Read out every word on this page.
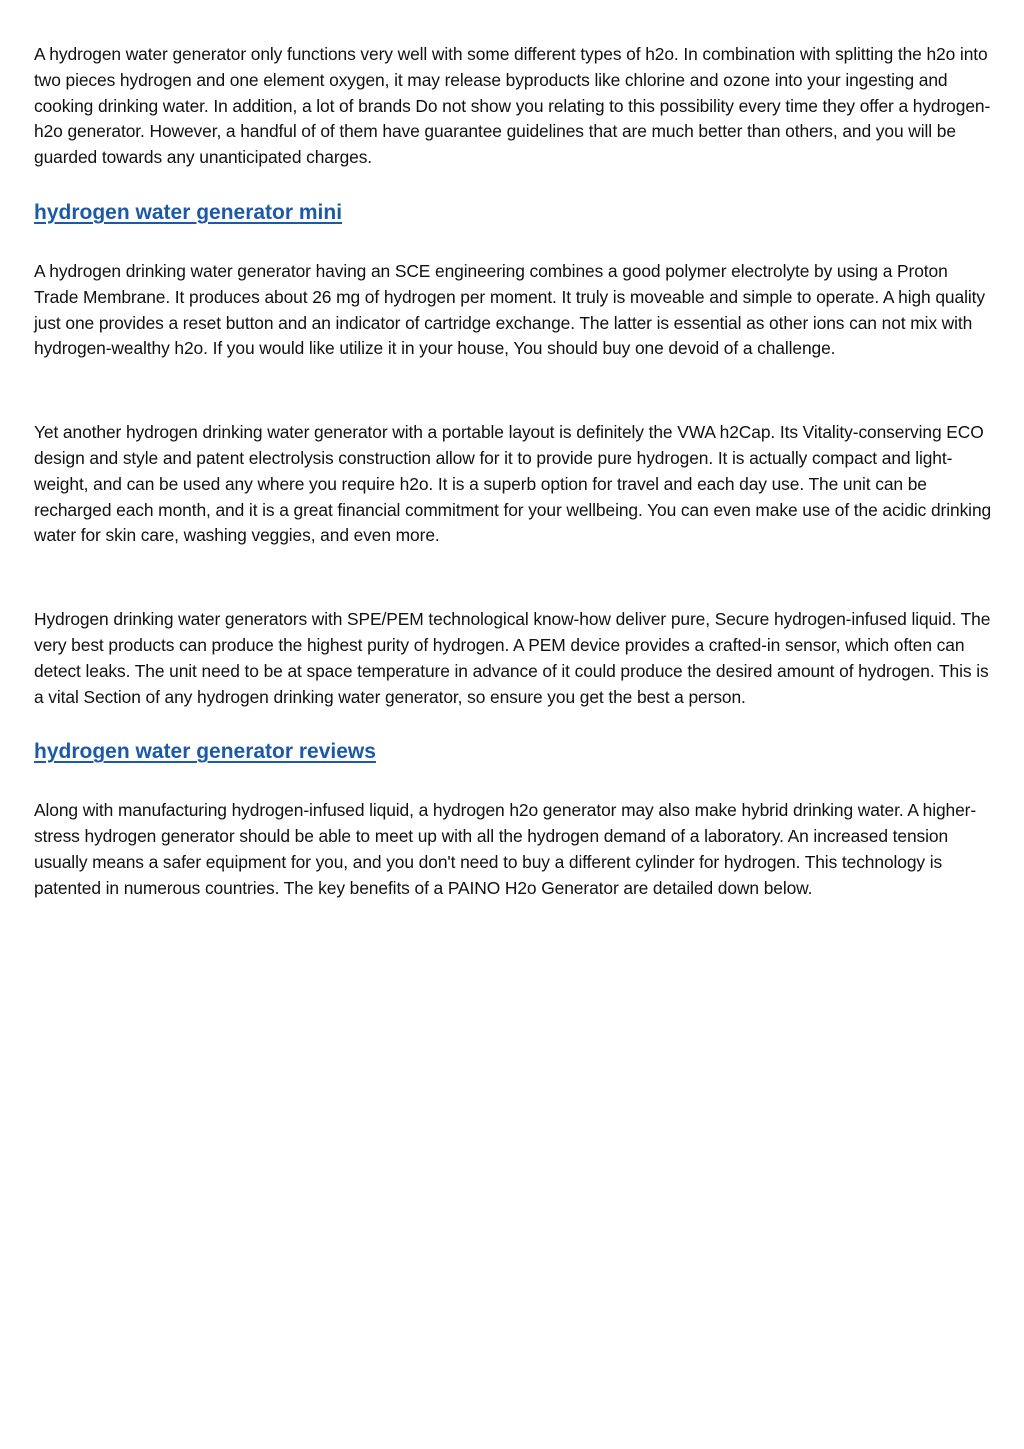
A hydrogen water generator only functions very well with some different types of h2o. In combination with splitting the h2o into two pieces hydrogen and one element oxygen, it may release byproducts like chlorine and ozone into your ingesting and cooking drinking water. In addition, a lot of brands Do not show you relating to this possibility every time they offer a hydrogen-h2o generator. However, a handful of of them have guarantee guidelines that are much better than others, and you will be guarded towards any unanticipated charges.

hydrogen water generator mini

A hydrogen drinking water generator having an SCE engineering combines a good polymer electrolyte by using a Proton Trade Membrane. It produces about 26 mg of hydrogen per moment. It truly is moveable and simple to operate. A high quality just one provides a reset button and an indicator of cartridge exchange. The latter is essential as other ions can not mix with hydrogen-wealthy h2o. If you would like utilize it in your house, You should buy one devoid of a challenge.

Yet another hydrogen drinking water generator with a portable layout is definitely the VWA h2Cap. Its Vitality-conserving ECO design and style and patent electrolysis construction allow for it to provide pure hydrogen. It is actually compact and light-weight, and can be used any where you require h2o. It is a superb option for travel and each day use. The unit can be recharged each month, and it is a great financial commitment for your wellbeing. You can even make use of the acidic drinking water for skin care, washing veggies, and even more.

Hydrogen drinking water generators with SPE/PEM technological know-how deliver pure, Secure hydrogen-infused liquid. The very best products can produce the highest purity of hydrogen. A PEM device provides a crafted-in sensor, which often can detect leaks. The unit need to be at space temperature in advance of it could produce the desired amount of hydrogen. This is a vital Section of any hydrogen drinking water generator, so ensure you get the best a person.

hydrogen water generator reviews

Along with manufacturing hydrogen-infused liquid, a hydrogen h2o generator may also make hybrid drinking water. A higher-stress hydrogen generator should be able to meet up with all the hydrogen demand of a laboratory. An increased tension usually means a safer equipment for you, and you don't need to buy a different cylinder for hydrogen. This technology is patented in numerous countries. The key benefits of a PAINO H2o Generator are detailed down below.
